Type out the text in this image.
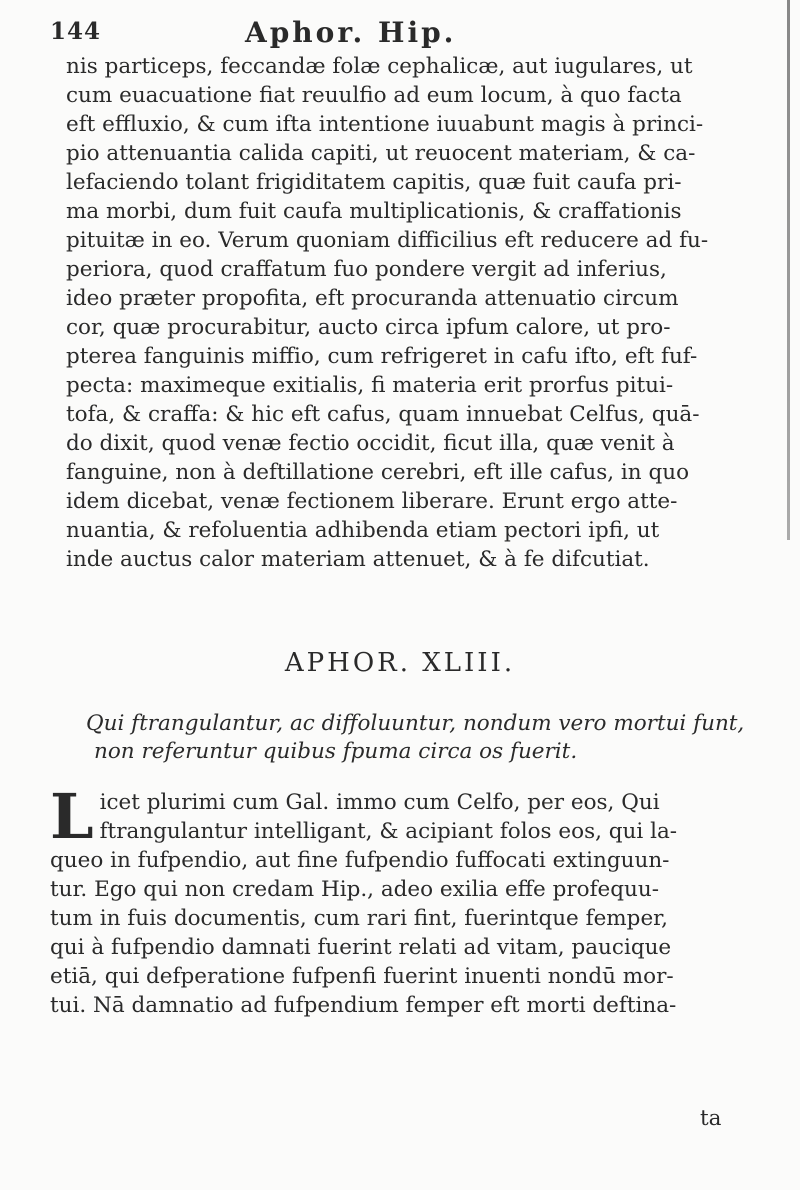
144	Aphor. Hip.
nis particeps, feccandæ folæ cephalicæ, aut iugulares, ut
cum euacuatione fiat reuulfio ad eum locum, à quo facta
eft effluxio, & cum ifta intentione iuuabunt magis à princi-
pio attenuantia calida capiti, ut reuocent materiam, & ca-
lefaciendo tolant frigiditatem capitis, quæ fuit caufa pri-
ma morbi, dum fuit caufa multiplicationis, & craffationis
pituitæ in eo. Verum quoniam difficilius eft reducere ad fu-
periora, quod craffatum fuo pondere vergit ad inferius,
ideo præter propofita, eft procuranda attenuatio circum
cor, quæ procurabitur, aucto circa ipfum calore, ut pro-
pterea fanguinis miffio, cum refrigeret in cafu ifto, eft fuf-
pecta: maximeque exitialis, fi materia erit prorfus pitui-
tofa, & craffa: & hic eft cafus, quam innuebat Celfus, quā-
do dixit, quod venæ fectio occidit, ficut illa, quæ venit à
fanguine, non à deftillatione cerebri, eft ille cafus, in quo
idem dicebat, venæ fectionem liberare. Erunt ergo atte-
nuantia, & refoluentia adhibenda etiam pectori ipfi, ut
inde auctus calor materiam attenuet, & à fe difcutiat.
APHOR. XLIII.
Qui ftrangulantur, ac diffoluuntur, nondum vero mortui funt,
non referuntur quibus fpuma circa os fuerit.
L icet plurimi cum Gal. immo cum Celfo, per eos, Qui
ftrangulantur intelligant, & acipiant folos eos, qui la-
queo in fufpendio, aut fine fufpendio fuffocati extinguun-
tur. Ego qui non credam Hip., adeo exilia effe profequu-
tum in fuis documentis, cum rari fint, fuerintque femper,
qui à fufpendio damnati fuerint relati ad vitam, paucique
etiā, qui defperatione fufpenfi fuerint inuenti nondū mor-
tui. Nā damnatio ad fufpendium femper eft morti deftina-
ta
